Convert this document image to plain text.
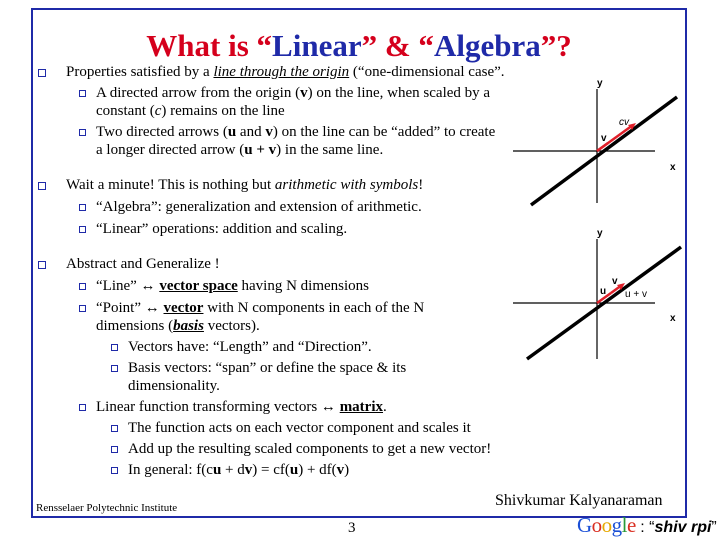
What is “Linear” & “Algebra”?
Properties satisfied by a line through the origin (“one-dimensional case”.
A directed arrow from the origin (v) on the line, when scaled by a constant (c) remains on the line
Two directed arrows (u and v) on the line can be “added” to create a longer directed arrow (u + v) in the same line.
Wait a minute! This is nothing but arithmetic with symbols!
“Algebra”: generalization and extension of arithmetic.
“Linear” operations: addition and scaling.
Abstract and Generalize !
“Line” ↔ vector space having N dimensions
“Point” ↔ vector with N components in each of the N dimensions (basis vectors).
Vectors have: “Length” and “Direction”.
Basis vectors: “span” or define the space & its dimensionality.
Linear function transforming vectors ↔ matrix.
The function acts on each vector component and scales it
Add up the resulting scaled components to get a new vector!
In general: f(cu + dv) = cf(u) + df(v)
y
x
v
cv
y
x
u
v
u + v
Rensselaer Polytechnic Institute	Shivkumar Kalyanaraman
3	Google : “shiv rpi”
